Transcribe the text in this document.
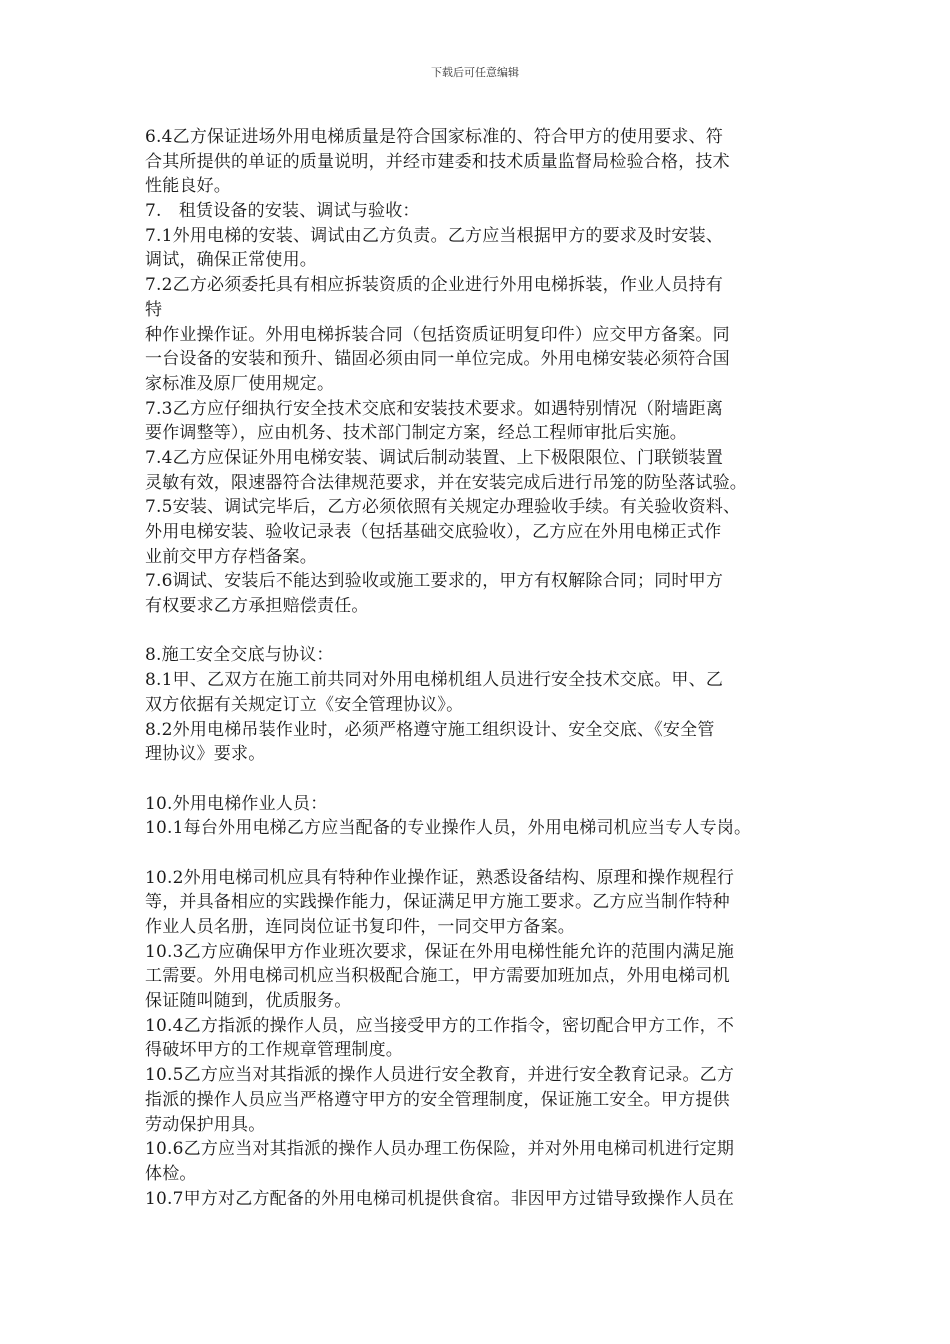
下载后可任意编辑
6.4乙方保证进场外用电梯质量是符合国家标准的、符合甲方的使用要求、符
合其所提供的单证的质量说明，并经市建委和技术质量监督局检验合格，技术
性能良好。
7.　租赁设备的安装、调试与验收：
7.1外用电梯的安装、调试由乙方负责。乙方应当根据甲方的要求及时安装、
调试，确保正常使用。
7.2乙方必须委托具有相应拆装资质的企业进行外用电梯拆装，作业人员持有
特
种作业操作证。外用电梯拆装合同（包括资质证明复印件）应交甲方备案。同
一台设备的安装和预升、锚固必须由同一单位完成。外用电梯安装必须符合国
家标准及原厂使用规定。
7.3乙方应仔细执行安全技术交底和安装技术要求。如遇特别情况（附墙距离
要作调整等），应由机务、技术部门制定方案，经总工程师审批后实施。
7.4乙方应保证外用电梯安装、调试后制动装置、上下极限限位、门联锁装置
灵敏有效，限速器符合法律规范要求，并在安装完成后进行吊笼的防坠落试验。
7.5安装、调试完毕后，乙方必须依照有关规定办理验收手续。有关验收资料、
外用电梯安装、验收记录表（包括基础交底验收），乙方应在外用电梯正式作
业前交甲方存档备案。
7.6调试、安装后不能达到验收或施工要求的，甲方有权解除合同；同时甲方
有权要求乙方承担赔偿责任。
8.施工安全交底与协议：
8.1甲、乙双方在施工前共同对外用电梯机组人员进行安全技术交底。甲、乙
双方依据有关规定订立《安全管理协议》。
8.2外用电梯吊装作业时，必须严格遵守施工组织设计、安全交底、《安全管
理协议》要求。
10.外用电梯作业人员：
10.1每台外用电梯乙方应当配备的专业操作人员，外用电梯司机应当专人专岗。
10.2外用电梯司机应具有特种作业操作证，熟悉设备结构、原理和操作规程行
等，并具备相应的实践操作能力，保证满足甲方施工要求。乙方应当制作特种
作业人员名册，连同岗位证书复印件，一同交甲方备案。
10.3乙方应确保甲方作业班次要求，保证在外用电梯性能允许的范围内满足施
工需要。外用电梯司机应当积极配合施工，甲方需要加班加点，外用电梯司机
保证随叫随到，优质服务。
10.4乙方指派的操作人员，应当接受甲方的工作指令，密切配合甲方工作，不
得破坏甲方的工作规章管理制度。
10.5乙方应当对其指派的操作人员进行安全教育，并进行安全教育记录。乙方
指派的操作人员应当严格遵守甲方的安全管理制度，保证施工安全。甲方提供
劳动保护用具。
10.6乙方应当对其指派的操作人员办理工伤保险，并对外用电梯司机进行定期
体检。
10.7甲方对乙方配备的外用电梯司机提供食宿。非因甲方过错导致操作人员在
